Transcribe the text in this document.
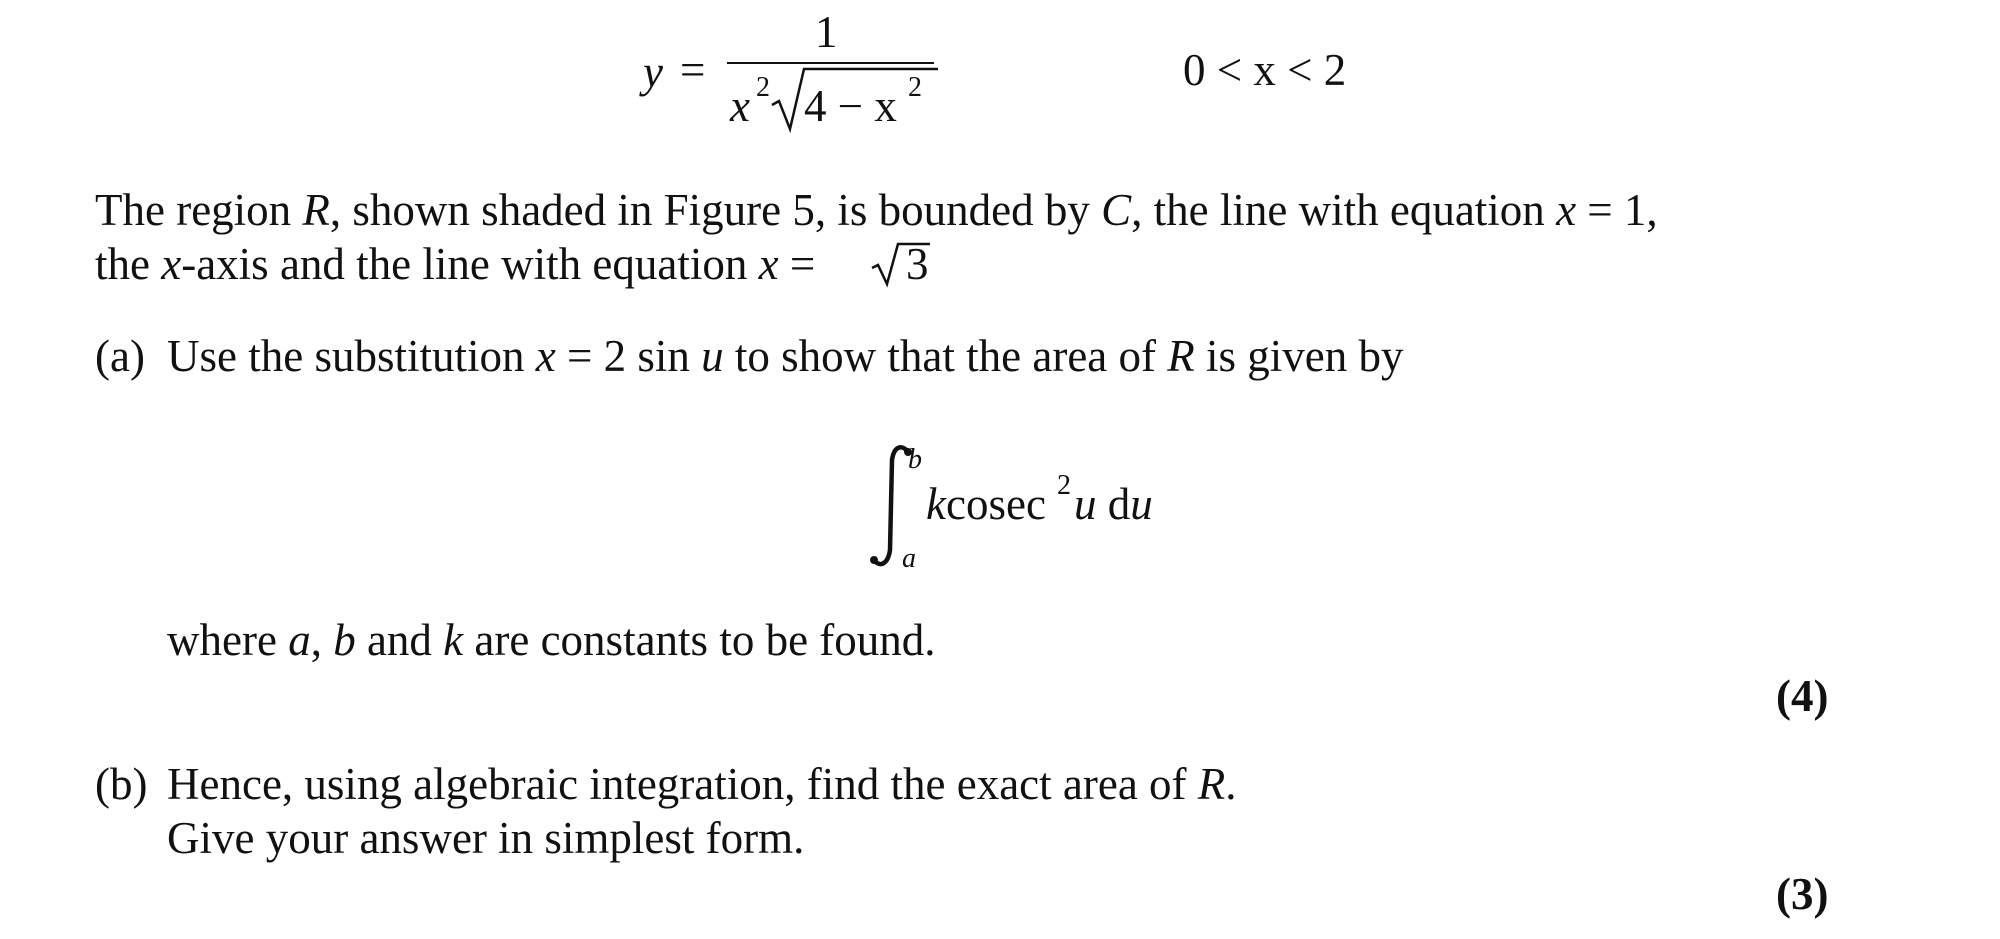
y =
1
x 2 4 − x 2	0 < x < 2
The region R, shown shaded in Figure 5, is bounded by C, the line with equation x = 1,
the x-axis and the line with equation x = 3
(a) Use the substitution x = 2 sin u to show that the area of R is given by
b
a
kcosec 2 u du
where a, b and k are constants to be found.
(4)
(b) Hence, using algebraic integration, find the exact area of R.
Give your answer in simplest form.
(3)
